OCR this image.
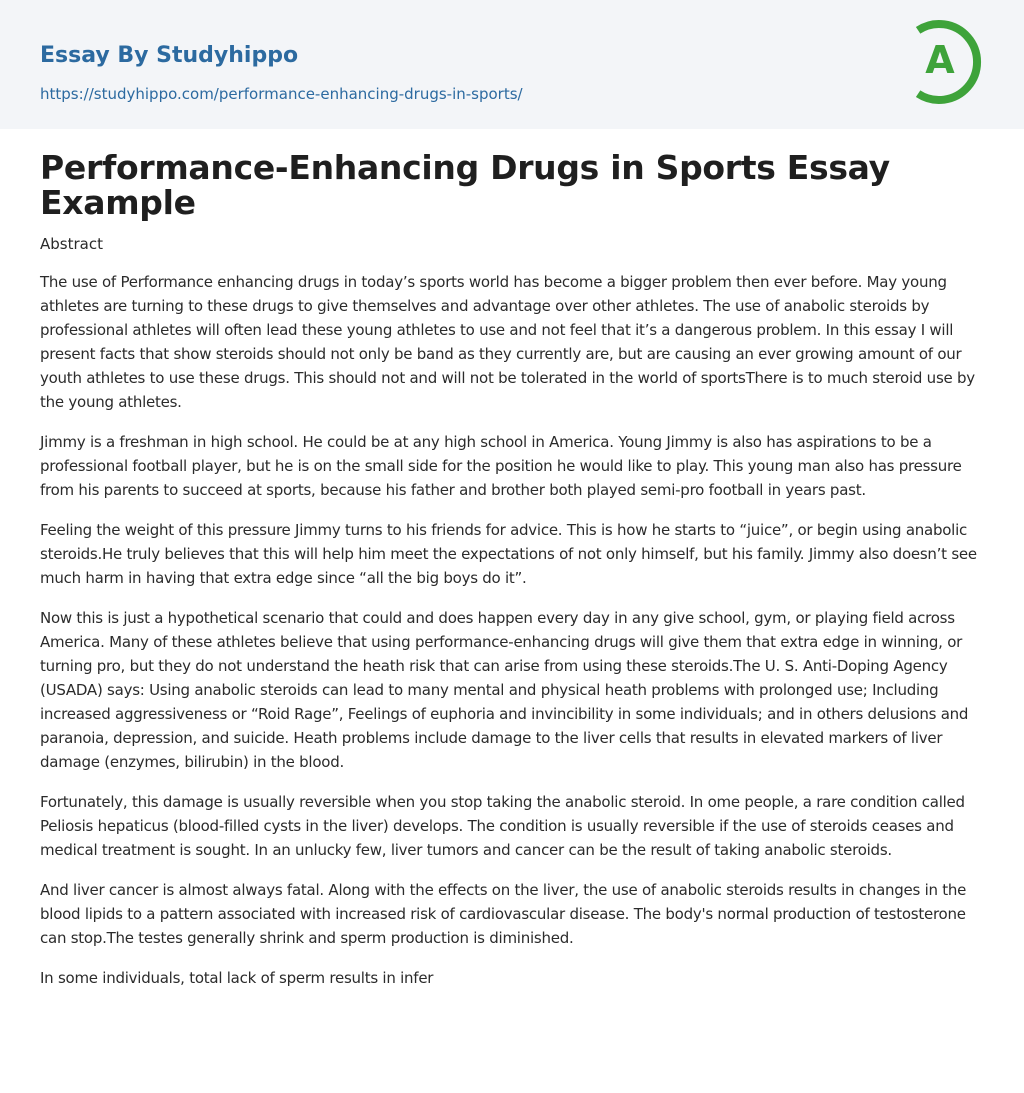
Essay By Studyhippo
https://studyhippo.com/performance-enhancing-drugs-in-sports/
A
Performance-Enhancing Drugs in Sports Essay Example

Abstract

The use of Performance enhancing drugs in today’s sports world has become a bigger problem then ever before. May young athletes are turning to these drugs to give themselves and advantage over other athletes. The use of anabolic steroids by professional athletes will often lead these young athletes to use and not feel that it’s a dangerous problem. In this essay I will present facts that show steroids should not only be band as they currently are, but are causing an ever growing amount of our youth athletes to use these drugs. This should not and will not be tolerated in the world of sportsThere is to much steroid use by the young athletes.

Jimmy is a freshman in high school. He could be at any high school in America. Young Jimmy is also has aspirations to be a professional football player, but he is on the small side for the position he would like to play. This young man also has pressure from his parents to succeed at sports, because his father and brother both played semi-pro football in years past.

Feeling the weight of this pressure Jimmy turns to his friends for advice. This is how he starts to “juice”, or begin using anabolic steroids.He truly believes that this will help him meet the expectations of not only himself, but his family. Jimmy also doesn’t see much harm in having that extra edge since “all the big boys do it”.

Now this is just a hypothetical scenario that could and does happen every day in any give school, gym, or playing field across America. Many of these athletes believe that using performance-enhancing drugs will give them that extra edge in winning, or turning pro, but they do not understand the heath risk that can arise from using these steroids.The U. S. Anti-Doping Agency (USADA) says: Using anabolic steroids can lead to many mental and physical heath problems with prolonged use; Including increased aggressiveness or “Roid Rage”, Feelings of euphoria and invincibility in some individuals; and in others delusions and paranoia, depression, and suicide. Heath problems include damage to the liver cells that results in elevated markers of liver damage (enzymes, bilirubin) in the blood.

Fortunately, this damage is usually reversible when you stop taking the anabolic steroid. In ome people, a rare condition called Peliosis hepaticus (blood-filled cysts in the liver) develops. The condition is usually reversible if the use of steroids ceases and medical treatment is sought. In an unlucky few, liver tumors and cancer can be the result of taking anabolic steroids.

And liver cancer is almost always fatal. Along with the effects on the liver, the use of anabolic steroids results in changes in the blood lipids to a pattern associated with increased risk of cardiovascular disease. The body's normal production of testosterone can stop.The testes generally shrink and sperm production is diminished.

In some individuals, total lack of sperm results in infer
